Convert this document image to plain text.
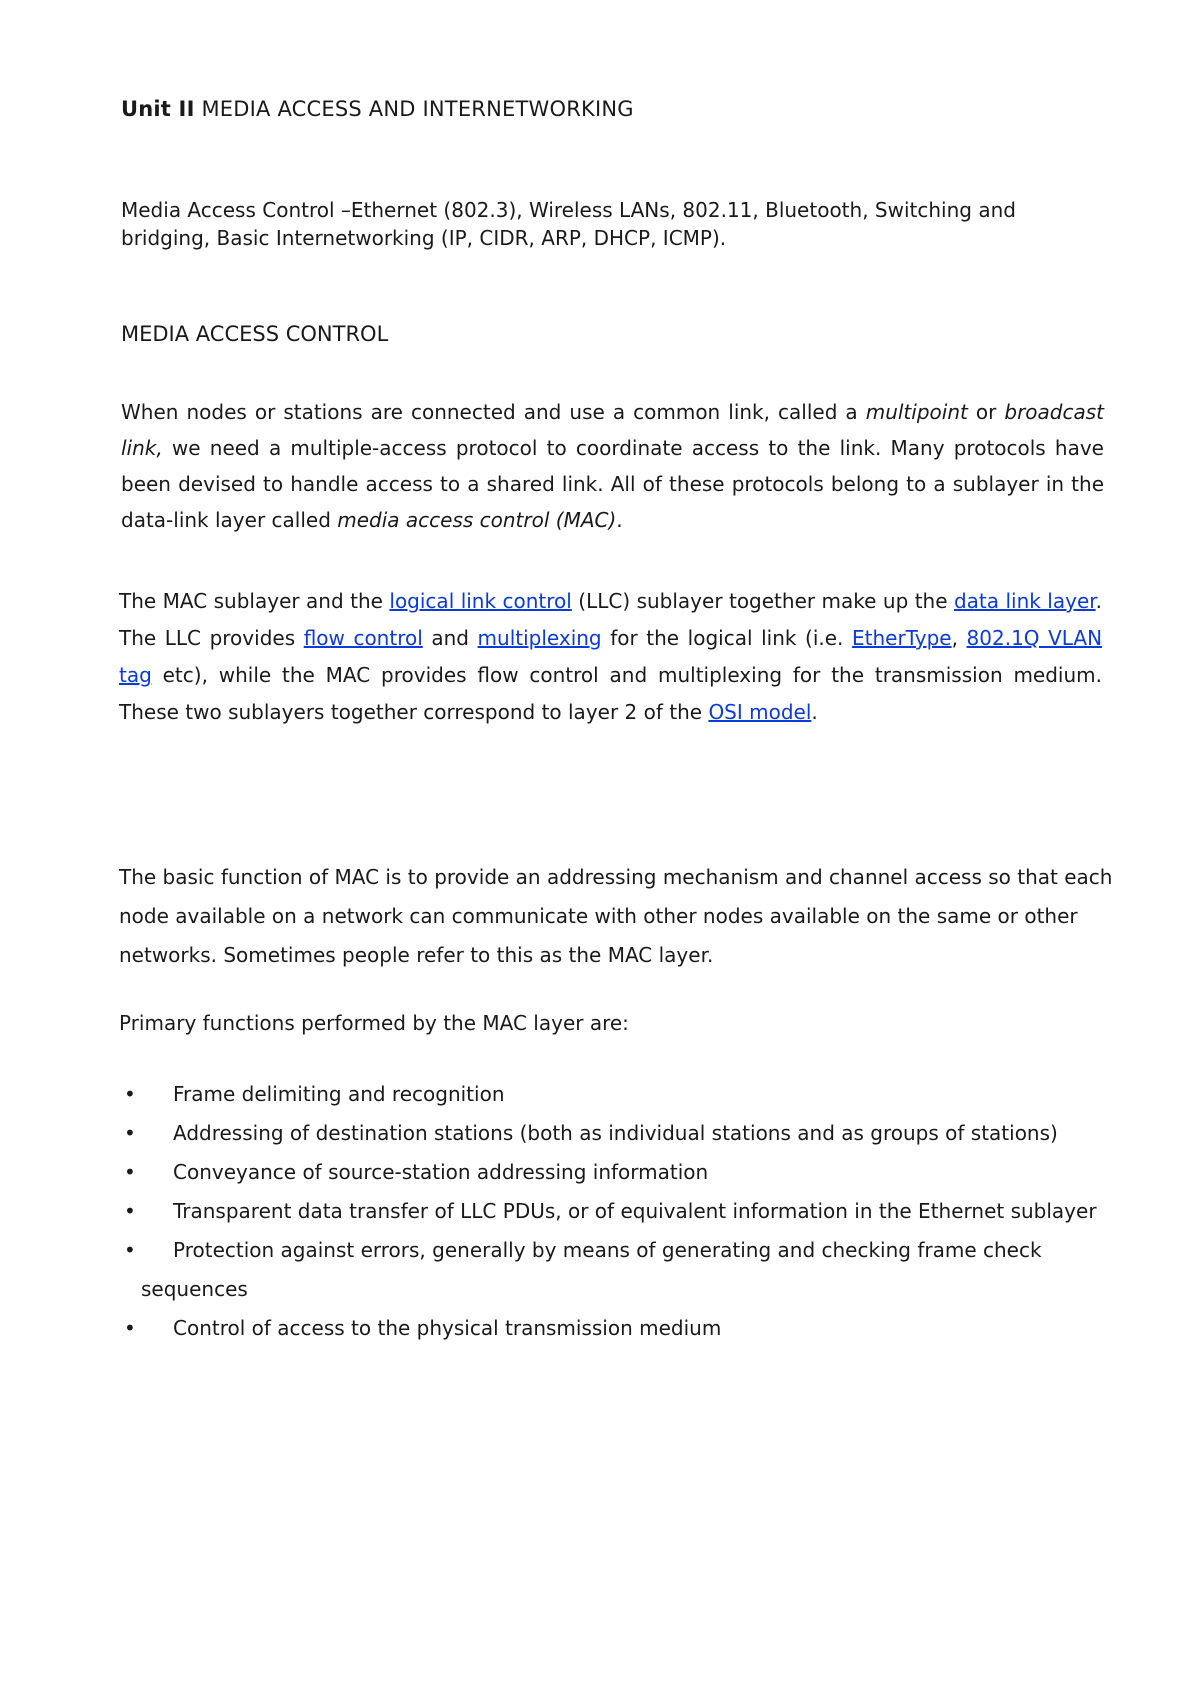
Unit II MEDIA ACCESS AND INTERNETWORKING
Media Access Control –Ethernet (802.3), Wireless LANs, 802.11, Bluetooth, Switching and bridging, Basic Internetworking (IP, CIDR, ARP, DHCP, ICMP).
MEDIA ACCESS CONTROL
When nodes or stations are connected and use a common link, called a multipoint or broadcast link, we need a multiple-access protocol to coordinate access to the link. Many protocols have been devised to handle access to a shared link. All of these protocols belong to a sublayer in the data-link layer called media access control (MAC).
The MAC sublayer and the logical link control (LLC) sublayer together make up the data link layer. The LLC provides flow control and multiplexing for the logical link (i.e. EtherType, 802.1Q VLAN tag etc), while the MAC provides flow control and multiplexing for the transmission medium. These two sublayers together correspond to layer 2 of the OSI model.
The basic function of MAC is to provide an addressing mechanism and channel access so that each node available on a network can communicate with other nodes available on the same or other networks. Sometimes people refer to this as the MAC layer.
Primary functions performed by the MAC layer are:
• Frame delimiting and recognition
• Addressing of destination stations (both as individual stations and as groups of stations)
• Conveyance of source-station addressing information
• Transparent data transfer of LLC PDUs, or of equivalent information in the Ethernet sublayer
• Protection against errors, generally by means of generating and checking frame check
sequences
• Control of access to the physical transmission medium
